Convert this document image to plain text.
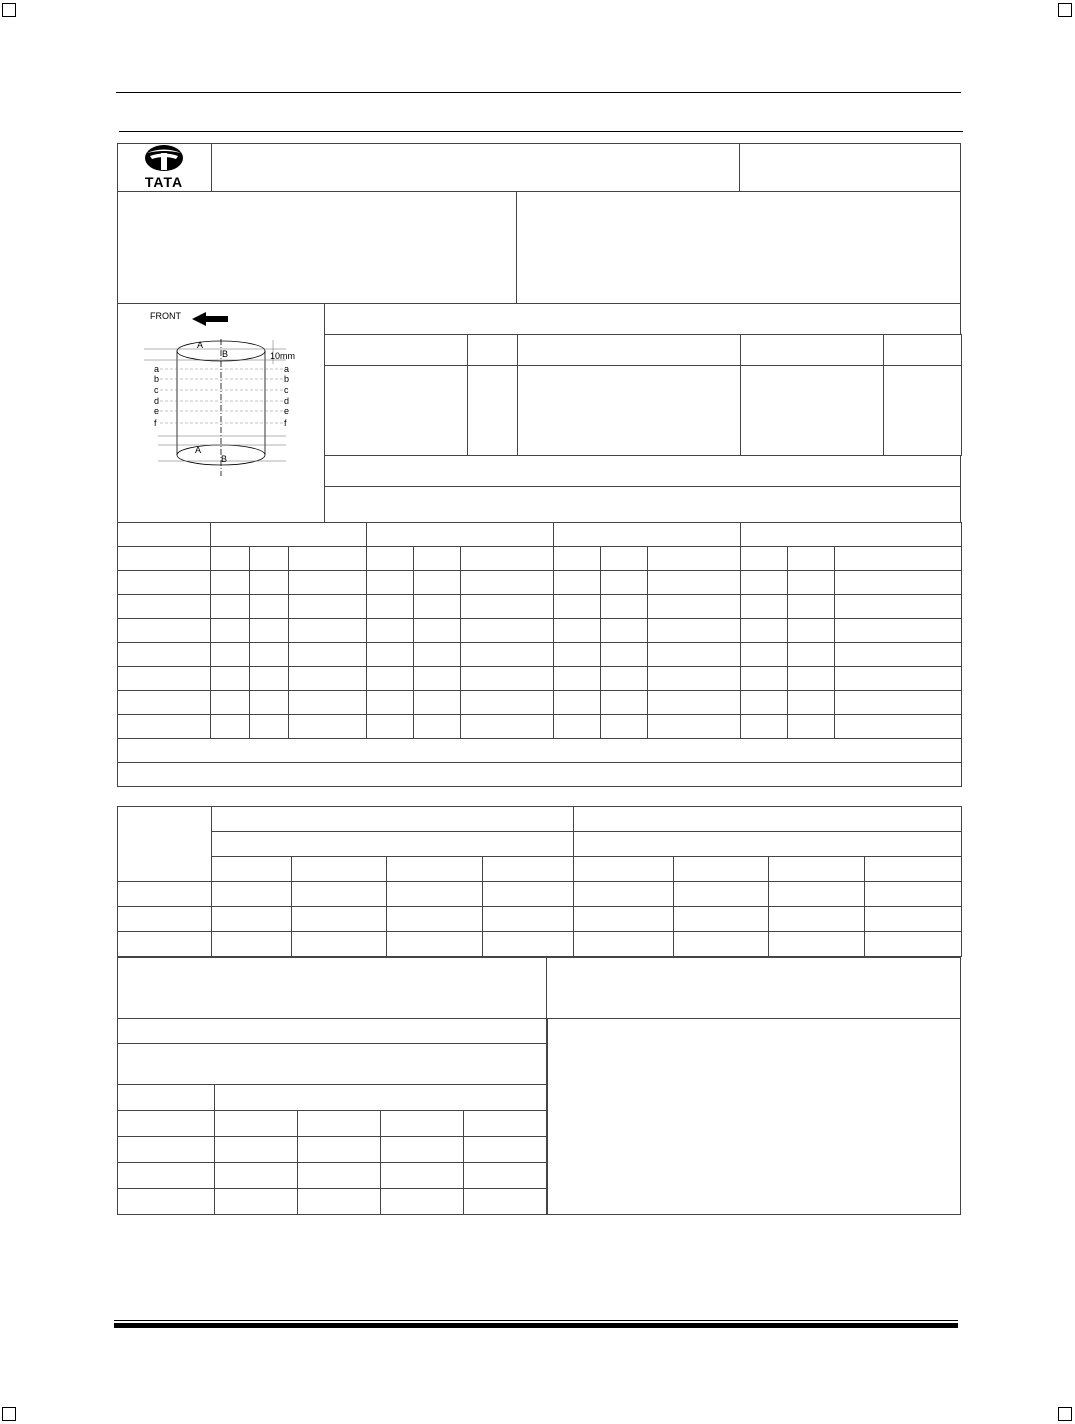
TATA
FRONT
10mm
A
B
A
B
a
b
c
d
e
f
a
b
c
d
e
f
